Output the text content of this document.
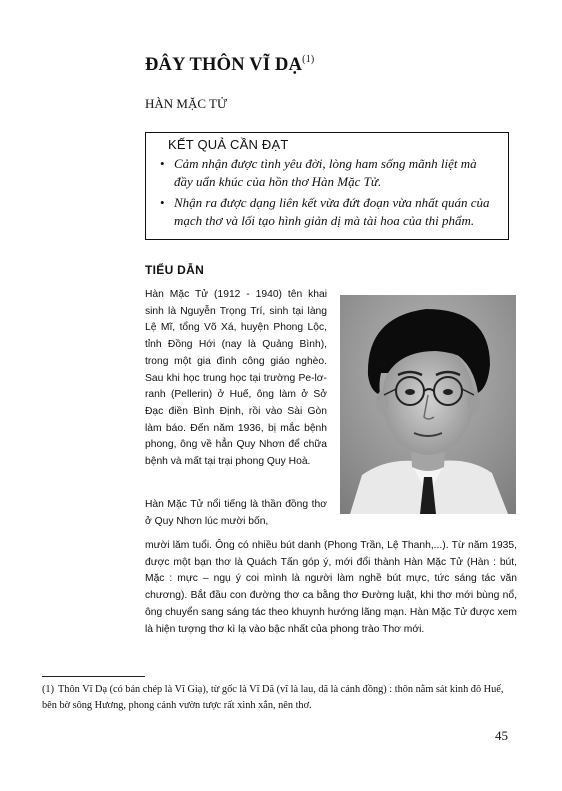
ĐÂY THÔN VĨ DẠ$^{(1)}$
HÀN MẶC TỬ
KẾT QUẢ CẦN ĐẠT
• Cảm nhận được tình yêu đời, lòng ham sống mãnh liệt mà đầy uẩn khúc của hồn thơ Hàn Mặc Tử.
• Nhận ra được dạng liên kết vừa đứt đoạn vừa nhất quán của mạch thơ và lối tạo hình giản dị mà tài hoa của thi phẩm.
TIỂU DẪN

Hàn Mặc Tử (1912 - 1940) tên khai sinh là Nguyễn Trọng Trí, sinh tại làng Lệ Mĩ, tổng Võ Xá, huyện Phong Lộc, tỉnh Đồng Hới (nay là Quảng Bình), trong một gia đình công giáo nghèo. Sau khi học trung học tại trường Pe-lơ-ranh (Pellerin) ở Huế, ông làm ở Sở Đạc điền Bình Định, rồi vào Sài Gòn làm báo. Đến năm 1936, bị mắc bệnh phong, ông về hẳn Quy Nhơn để chữa bệnh và mất tại trại phong Quy Hoà.

Hàn Mặc Tử nổi tiếng là thần đồng thơ ở Quy Nhơn lúc mười bốn,

mười lăm tuổi. Ông có nhiều bút danh (Phong Trần, Lệ Thanh,...). Từ năm 1935, được một bạn thơ là Quách Tấn góp ý, mới đổi thành Hàn Mặc Tử (Hàn : bút, Mặc : mực – ngụ ý coi mình là người làm nghề bút mực, tức sáng tác văn chương). Bắt đầu con đường thơ ca bằng thơ Đường luật, khi thơ mới bùng nổ, ông chuyển sang sáng tác theo khuynh hướng lãng mạn. Hàn Mặc Tử được xem là hiện tượng thơ kì lạ vào bậc nhất của phong trào Thơ mới.

(1) Thôn Vĩ Dạ (có bản chép là Vĩ Giạ), từ gốc là Vĩ Dã (vĩ là lau, dã là cánh đồng) : thôn nằm sát kinh đô Huế, bên bờ sông Hương, phong cảnh vườn tược rất xinh xắn, nên thơ.
45
